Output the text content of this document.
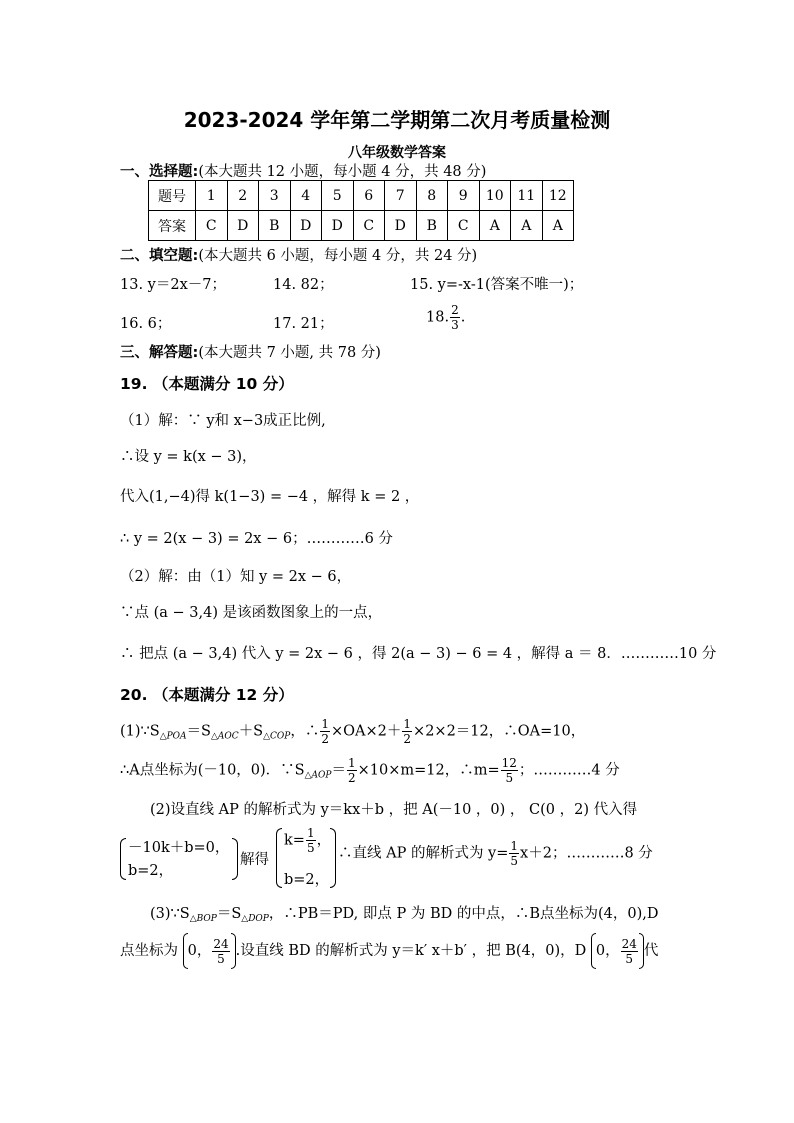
2023-2024 学年第二学期第二次月考质量检测
八年级数学答案
一、选择题:(本大题共 12 小题，每小题 4 分，共 48 分)
题号	1	2	3	4	5	6	7	8	9	10	11	12
答案	C	D	B	D	D	C	D	B	C	A	A	A
二、填空题:(本大题共 6 小题，每小题 4 分，共 24 分)
13. y＝2x－7；	14. 82；	15. y=-x-1(答案不唯一)；
16. 6；	17. 21；	18. $\frac{2}{3}$ .
三、解答题:(本大题共 7 小题, 共 78 分)
19. （本题满分 10 分）
（1）解：∵ y和 x−3成正比例,
∴设 y = k(x − 3)，
代入(1,−4)得 k(1−3) = −4 ，解得 k = 2 ，
∴ y = 2(x − 3) = 2x − 6；…………6 分
（2）解：由（1）知 y = 2x − 6，
∵点 (a − 3,4) 是该函数图象上的一点，
∴ 把点 (a − 3,4) 代入 y = 2x − 6 ，得 2(a − 3) − 6 = 4 ，解得 a ＝ 8．…………10 分
20. （本题满分 12 分）
$(1)\because S_{\triangle POA}=S_{\triangle AOC}+S_{\triangle COP}$，∴ $\frac{1}{2} \times OA\times 2+ \frac{1}{2} \times 2\times 2=12$，∴OA=10，
∴A点坐标为(－10，0)．$\because S_{\triangle AOP}= \frac{1}{2} \times 10\times m=12$，∴m= $\frac{12}{5}$ ；…………4 分
(2)设直线 AP 的解析式为 y＝kx＋b ，把 A(－10 ，0) ， C(0 ，2) 代入得
－10k＋b=0，
b=2，
解得
$k= \frac{1}{5}$ ，
b=2，
∴直线 AP 的解析式为 $y= \frac{1}{5} x+2$；…………8 分
$(3)\because S_{\triangle BOP}=S_{\triangle DOP}$，∴PB＝PD, 即点 P 为 BD 的中点，∴B点坐标为(4，0),D
点坐标为 0， $\frac{24}{5}$ .设直线 BD 的解析式为 y＝k′ x＋b′ ，把 B(4，0)，D 0， $\frac{24}{5}$ 代
